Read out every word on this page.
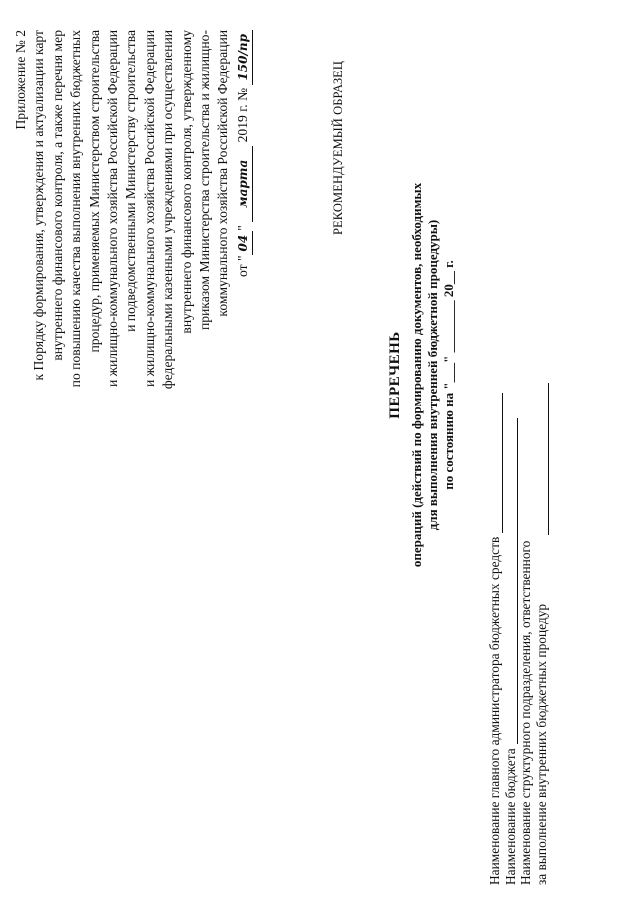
Приложение № 2 к Порядку формирования, утверждения и актуализации карт внутреннего финансового контроля, а также перечня мер по повышению качества выполнения внутренних бюджетных процедур, применяемых Министерством строительства и жилищно-коммунального хозяйства Российской Федерации и подведомственными Министерству строительства и жилищно-коммунального хозяйства Российской Федерации федеральными казенными учреждениями при осуществлении внутреннего финансового контроля, утвержденному приказом Министерства строительства и жилищно- коммунального хозяйства Российской Федерации от "04" марта 2019 г. № 150/пр
РЕКОМЕНДУЕМЫЙ ОБРАЗЕЦ
ПЕРЕЧЕНЬ операций (действий по формированию документов, необходимых для выполнения внутренней бюджетной процедуры) по состоянию на "___" ________ 20__ г.
Наименование главного администратора бюджетных средств Наименование бюджета Наименование структурного подразделения, ответственного за выполнение внутренних бюджетных процедур
